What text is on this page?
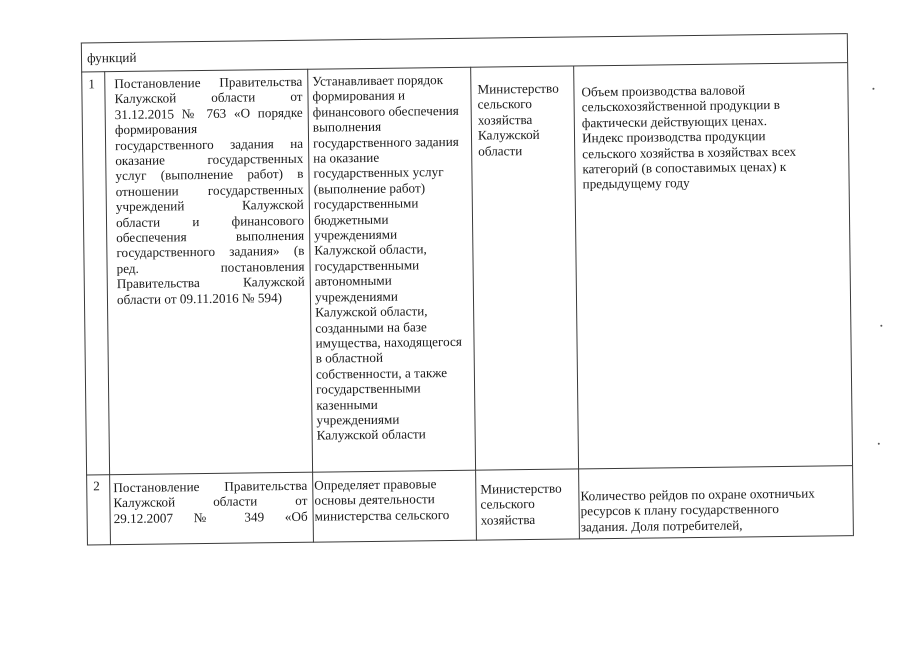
функций
1 Постановление Правительства
Калужской области от
31.12.2015 № 763 «О порядке
формирования
государственного задания на
оказание государственных
услуг (выполнение работ) в
отношении государственных
учреждений Калужской
области и финансового
обеспечения выполнения
государственного задания» (в
ред. постановления
Правительства Калужской
области от 09.11.2016 № 594)
Устанавливает порядок
формирования и
финансового обеспечения
выполнения
государственного задания
на оказание
государственных услуг
(выполнение работ)
государственными
бюджетными
учреждениями
Калужской области,
государственными
автономными
учреждениями
Калужской области,
созданными на базе
имущества, находящегося
в областной
собственности, а также
государственными
казенными
учреждениями
Калужской области
Министерство
сельского
хозяйства
Калужской
области
Объем производства валовой
сельскохозяйственной продукции в
фактически действующих ценах.
Индекс производства продукции
сельского хозяйства в хозяйствах всех
категорий (в сопоставимых ценах) к
предыдущему году
2 Постановление Правительства
Калужской области от
29.12.2007 № 349 «Об
Определяет правовые
основы деятельности
министерства сельского
Министерство
сельского
хозяйства
Количество рейдов по охране охотничьих
ресурсов к плану государственного
задания. Доля потребителей,
